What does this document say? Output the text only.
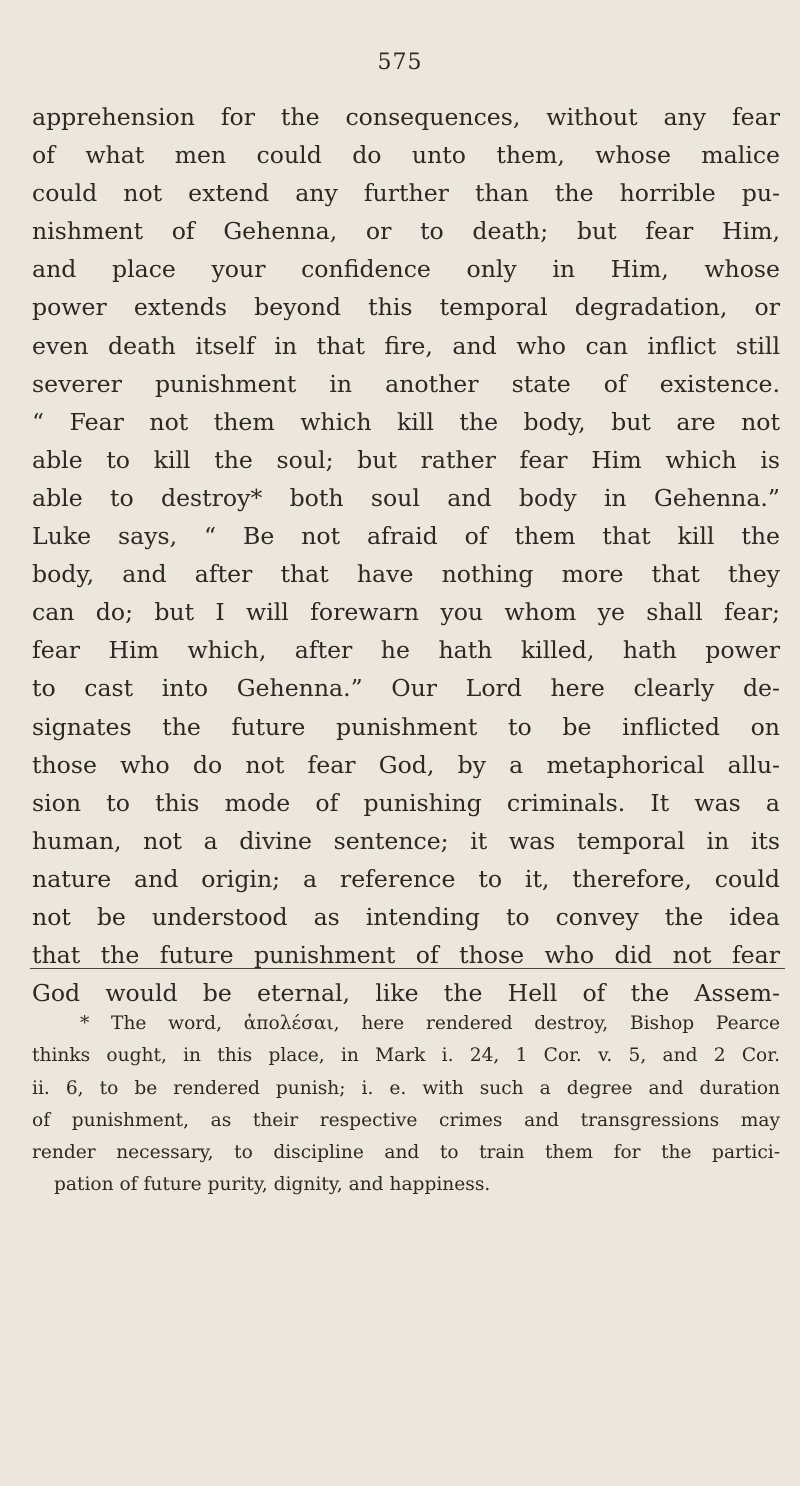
575
apprehension for the consequences, without any fear
of what men could do unto them, whose malice
could not extend any further than the horrible pu-
nishment of Gehenna, or to death; but fear Him,
and place your confidence only in Him, whose
power extends beyond this temporal degradation, or
even death itself in that fire, and who can inflict still
severer punishment in another state of existence.
“ Fear not them which kill the body, but are not
able to kill the soul; but rather fear Him which is
able to destroy* both soul and body in Gehenna.”
Luke says, “ Be not afraid of them that kill the
body, and after that have nothing more that they
can do; but I will forewarn you whom ye shall fear;
fear Him which, after he hath killed, hath power
to cast into Gehenna.” Our Lord here clearly de-
signates the future punishment to be inflicted on
those who do not fear God, by a metaphorical allu-
sion to this mode of punishing criminals. It was a
human, not a divine sentence; it was temporal in its
nature and origin; a reference to it, therefore, could
not be understood as intending to convey the idea
that the future punishment of those who did not fear
God would be eternal, like the Hell of the Assem-
* The word, ἀπολέσαι, here rendered destroy, Bishop Pearce
thinks ought, in this place, in Mark i. 24, 1 Cor. v. 5, and 2 Cor.
ii. 6, to be rendered punish; i. e. with such a degree and duration
of punishment, as their respective crimes and transgressions may
render necessary, to discipline and to train them for the partici-
pation of future purity, dignity, and happiness.
